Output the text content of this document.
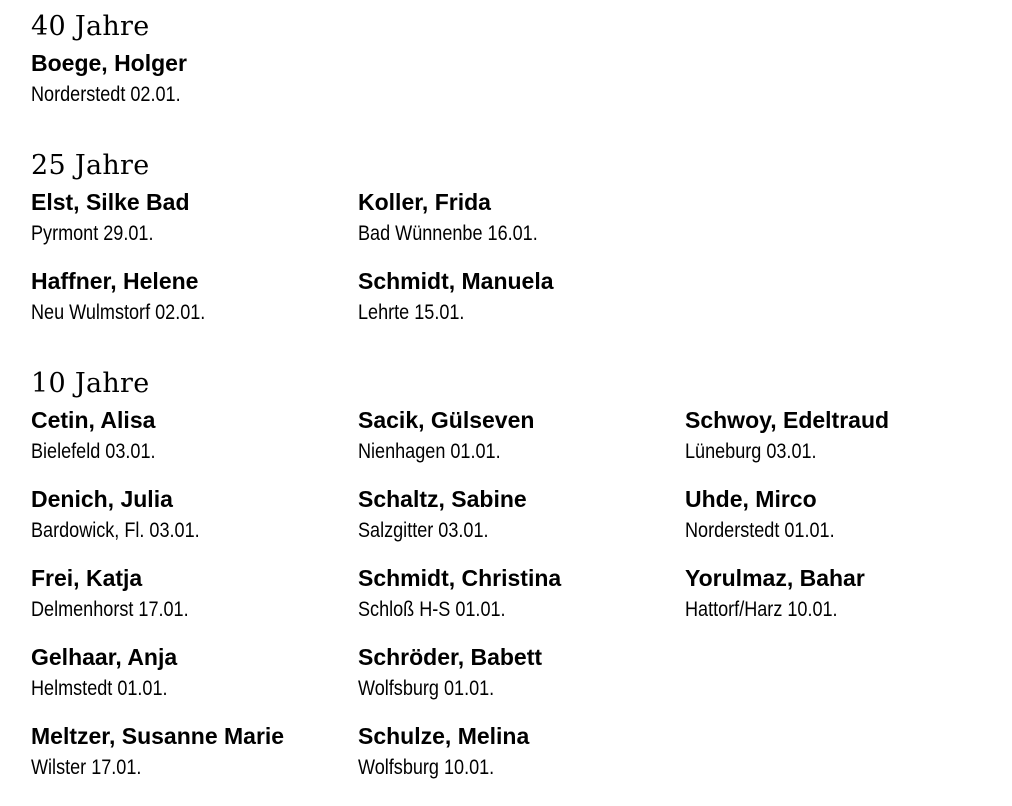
40 Jahre
Boege, Holger
Norderstedt 02.01.
25 Jahre
Elst, Silke Bad
Pyrmont 29.01.
Koller, Frida
Bad Wünnenbe 16.01.
Haffner, Helene
Neu Wulmstorf 02.01.
Schmidt, Manuela
Lehrte 15.01.
10 Jahre
Cetin, Alisa
Bielefeld 03.01.
Sacik, Gülseven
Nienhagen 01.01.
Schwoy, Edeltraud
Lüneburg 03.01.
Denich, Julia
Bardowick, Fl. 03.01.
Schaltz, Sabine
Salzgitter 03.01.
Uhde, Mirco
Norderstedt 01.01.
Frei, Katja
Delmenhorst 17.01.
Schmidt, Christina
Schloß H-S 01.01.
Yorulmaz, Bahar
Hattorf/Harz 10.01.
Gelhaar, Anja
Helmstedt 01.01.
Schröder, Babett
Wolfsburg 01.01.
Meltzer, Susanne Marie
Wilster 17.01.
Schulze, Melina
Wolfsburg 10.01.
